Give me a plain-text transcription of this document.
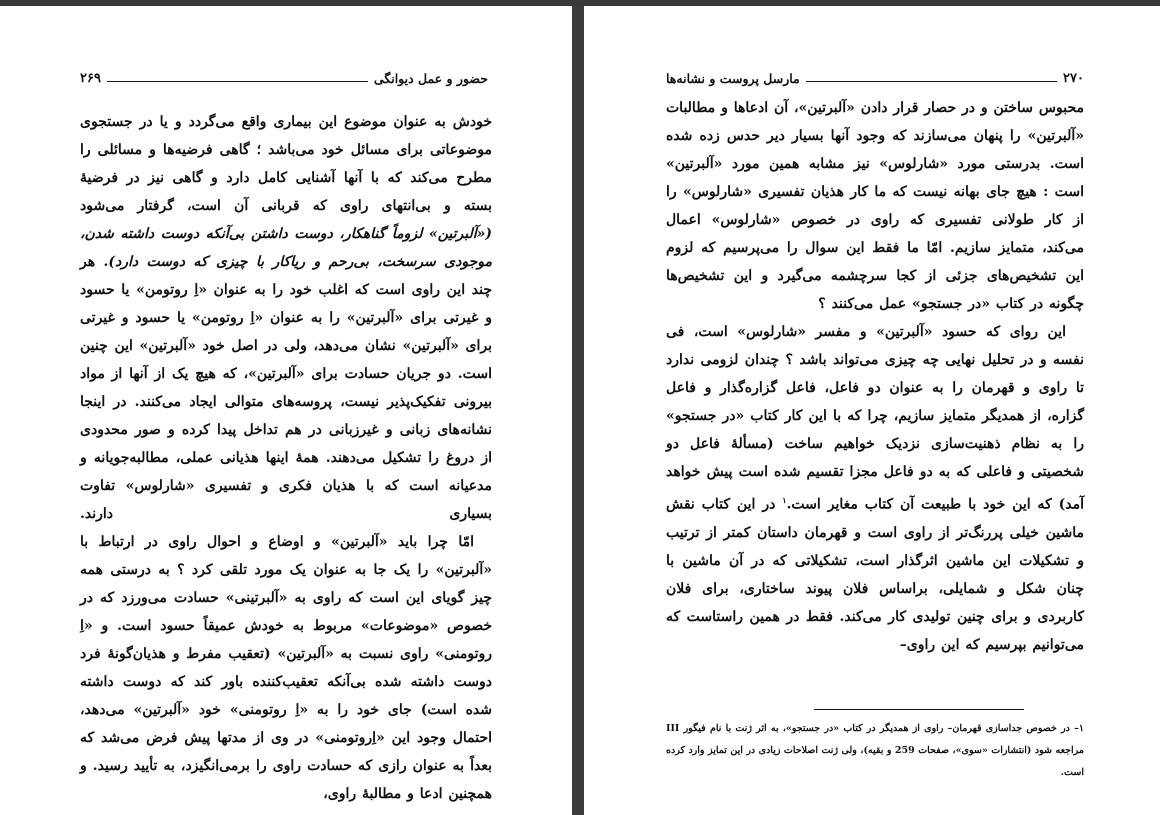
حضور و عمل دیوانگی
۲۶۹

خودش به عنوان موضوع این بیماری واقع می‌گردد و یا در جستجوی موضوعاتی برای مسائل خود می‌باشد ؛ گاهی فرضیه‌ها و مسائلی را مطرح می‌کند که با آنها آشنایی کامل دارد و گاهی نیز در فرضیهٔ بسته و بی‌انتهای راوی که قربانی آن است، گرفتار می‌شود («آلبرتین» لزوماً گناهکار، دوست داشتن بی‌آنکه دوست داشته شدن، موجودی سرسخت، بی‌رحم و ریاکار با چیزی که دوست دارد). هر چند این راوی است که اغلب خود را به عنوان «اِ روتومن» یا حسود و غیرتی برای «آلبرتین» را به عنوان «اِ روتومن» یا حسود و غیرتی برای «آلبرتین» نشان می‌دهد، ولی در اصل خود «آلبرتین» این چنین است. دو جریان حسادت برای «آلبرتین»، که هیچ یک از آنها از مواد بیرونی تفکیک‌پذیر نیست، پروسه‌های متوالی ایجاد می‌کنند. در اینجا نشانه‌های زبانی و غیرزبانی در هم تداخل پیدا کرده و صور محدودی از دروغ را تشکیل می‌دهند. همهٔ اینها هذیانی عملی، مطالبه‌جویانه و مدعیانه است که با هذیان فکری و تفسیری «شارلوس» تفاوت بسیاری دارند.

امّا چرا باید «آلبرتین» و اوضاع و احوال راوی در ارتباط با «آلبرتین» را یک جا به عنوان یک مورد تلقی کرد ؟ به درستی همه چیز گویای این است که راوی به «آلبرتینی» حسادت می‌ورزد که در خصوص «موضوعات» مربوط به خودش عمیقاً حسود است. و «اِ روتومنی» راوی نسبت به «آلبرتین» (تعقیب مفرط و هذیان‌گونهٔ فرد دوست داشته شده بی‌آنکه تعقیب‌کننده باور کند که دوست داشته شده است) جای خود را به «اِ روتومنی» خود «آلبرتین» می‌دهد، احتمال وجود این «اِروتومنی» در وی از مدتها پیش فرض می‌شد که بعداً به عنوان رازی که حسادت راوی را برمی‌انگیزد، به تأیید رسید. و همچنین ادعا و مطالبهٔ راوی،

۲۷۰
مارسل پروست و نشانه‌ها

محبوس ساختن و در حصار قرار دادن «آلبرتین»، آن ادعاها و مطالبات «آلبرتین» را پنهان می‌سازند که وجود آنها بسیار دیر حدس زده شده است. بدرستی مورد «شارلوس» نیز مشابه همین مورد «آلبرتین» است : هیچ جای بهانه نیست که ما کار هذیان تفسیری «شارلوس» را از کار طولانی تفسیری که راوی در خصوص «شارلوس» اعمال می‌کند، متمایز سازیم. امّا ما فقط این سوال را می‌پرسیم که لزوم این تشخیص‌های جزئی از کجا سرچشمه می‌گیرد و این تشخیص‌ها چگونه در کتاب «در جستجو» عمل می‌کنند ؟

این روای که حسود «آلبرتین» و مفسر «شارلوس» است، فی نفسه و در تحلیل نهایی چه چیزی می‌تواند باشد ؟ چندان لزومی ندارد تا راوی و قهرمان را به عنوان دو فاعل، فاعل گزاره‌گذار و فاعل گزاره، از همدیگر متمایز سازیم، چرا که با این کار کتاب «در جستجو» را به نظام ذهنیت‌سازی نزدیک خواهیم ساخت (مسألهٔ فاعل دو شخصیتی و فاعلی که به دو فاعل مجزا تقسیم شده است پیش خواهد آمد) که این خود با طبیعت آن کتاب مغایر است.$^۱$ در این کتاب نقش ماشین خیلی پررنگ‌تر از راوی است و قهرمان داستان کمتر از ترتیب و تشکیلات این ماشین اثرگذار است، تشکیلاتی که در آن ماشین با چنان شکل و شمایلی، براساس فلان پیوند ساختاری، برای فلان کاربردی و برای چنین تولیدی کار می‌کند. فقط در همین راستاست که می‌توانیم بپرسیم که این راوی–

۱– در خصوص جداسازی قهرمان– راوی از همدیگر در کتاب «در جستجو»، به اثر ژنت با نام فیگور III مراجعه شود (انتشارات «سوی»، صفحات 259 و بقیه)، ولی ژنت اصلاحات زیادی در این تمایز وارد کرده است.
